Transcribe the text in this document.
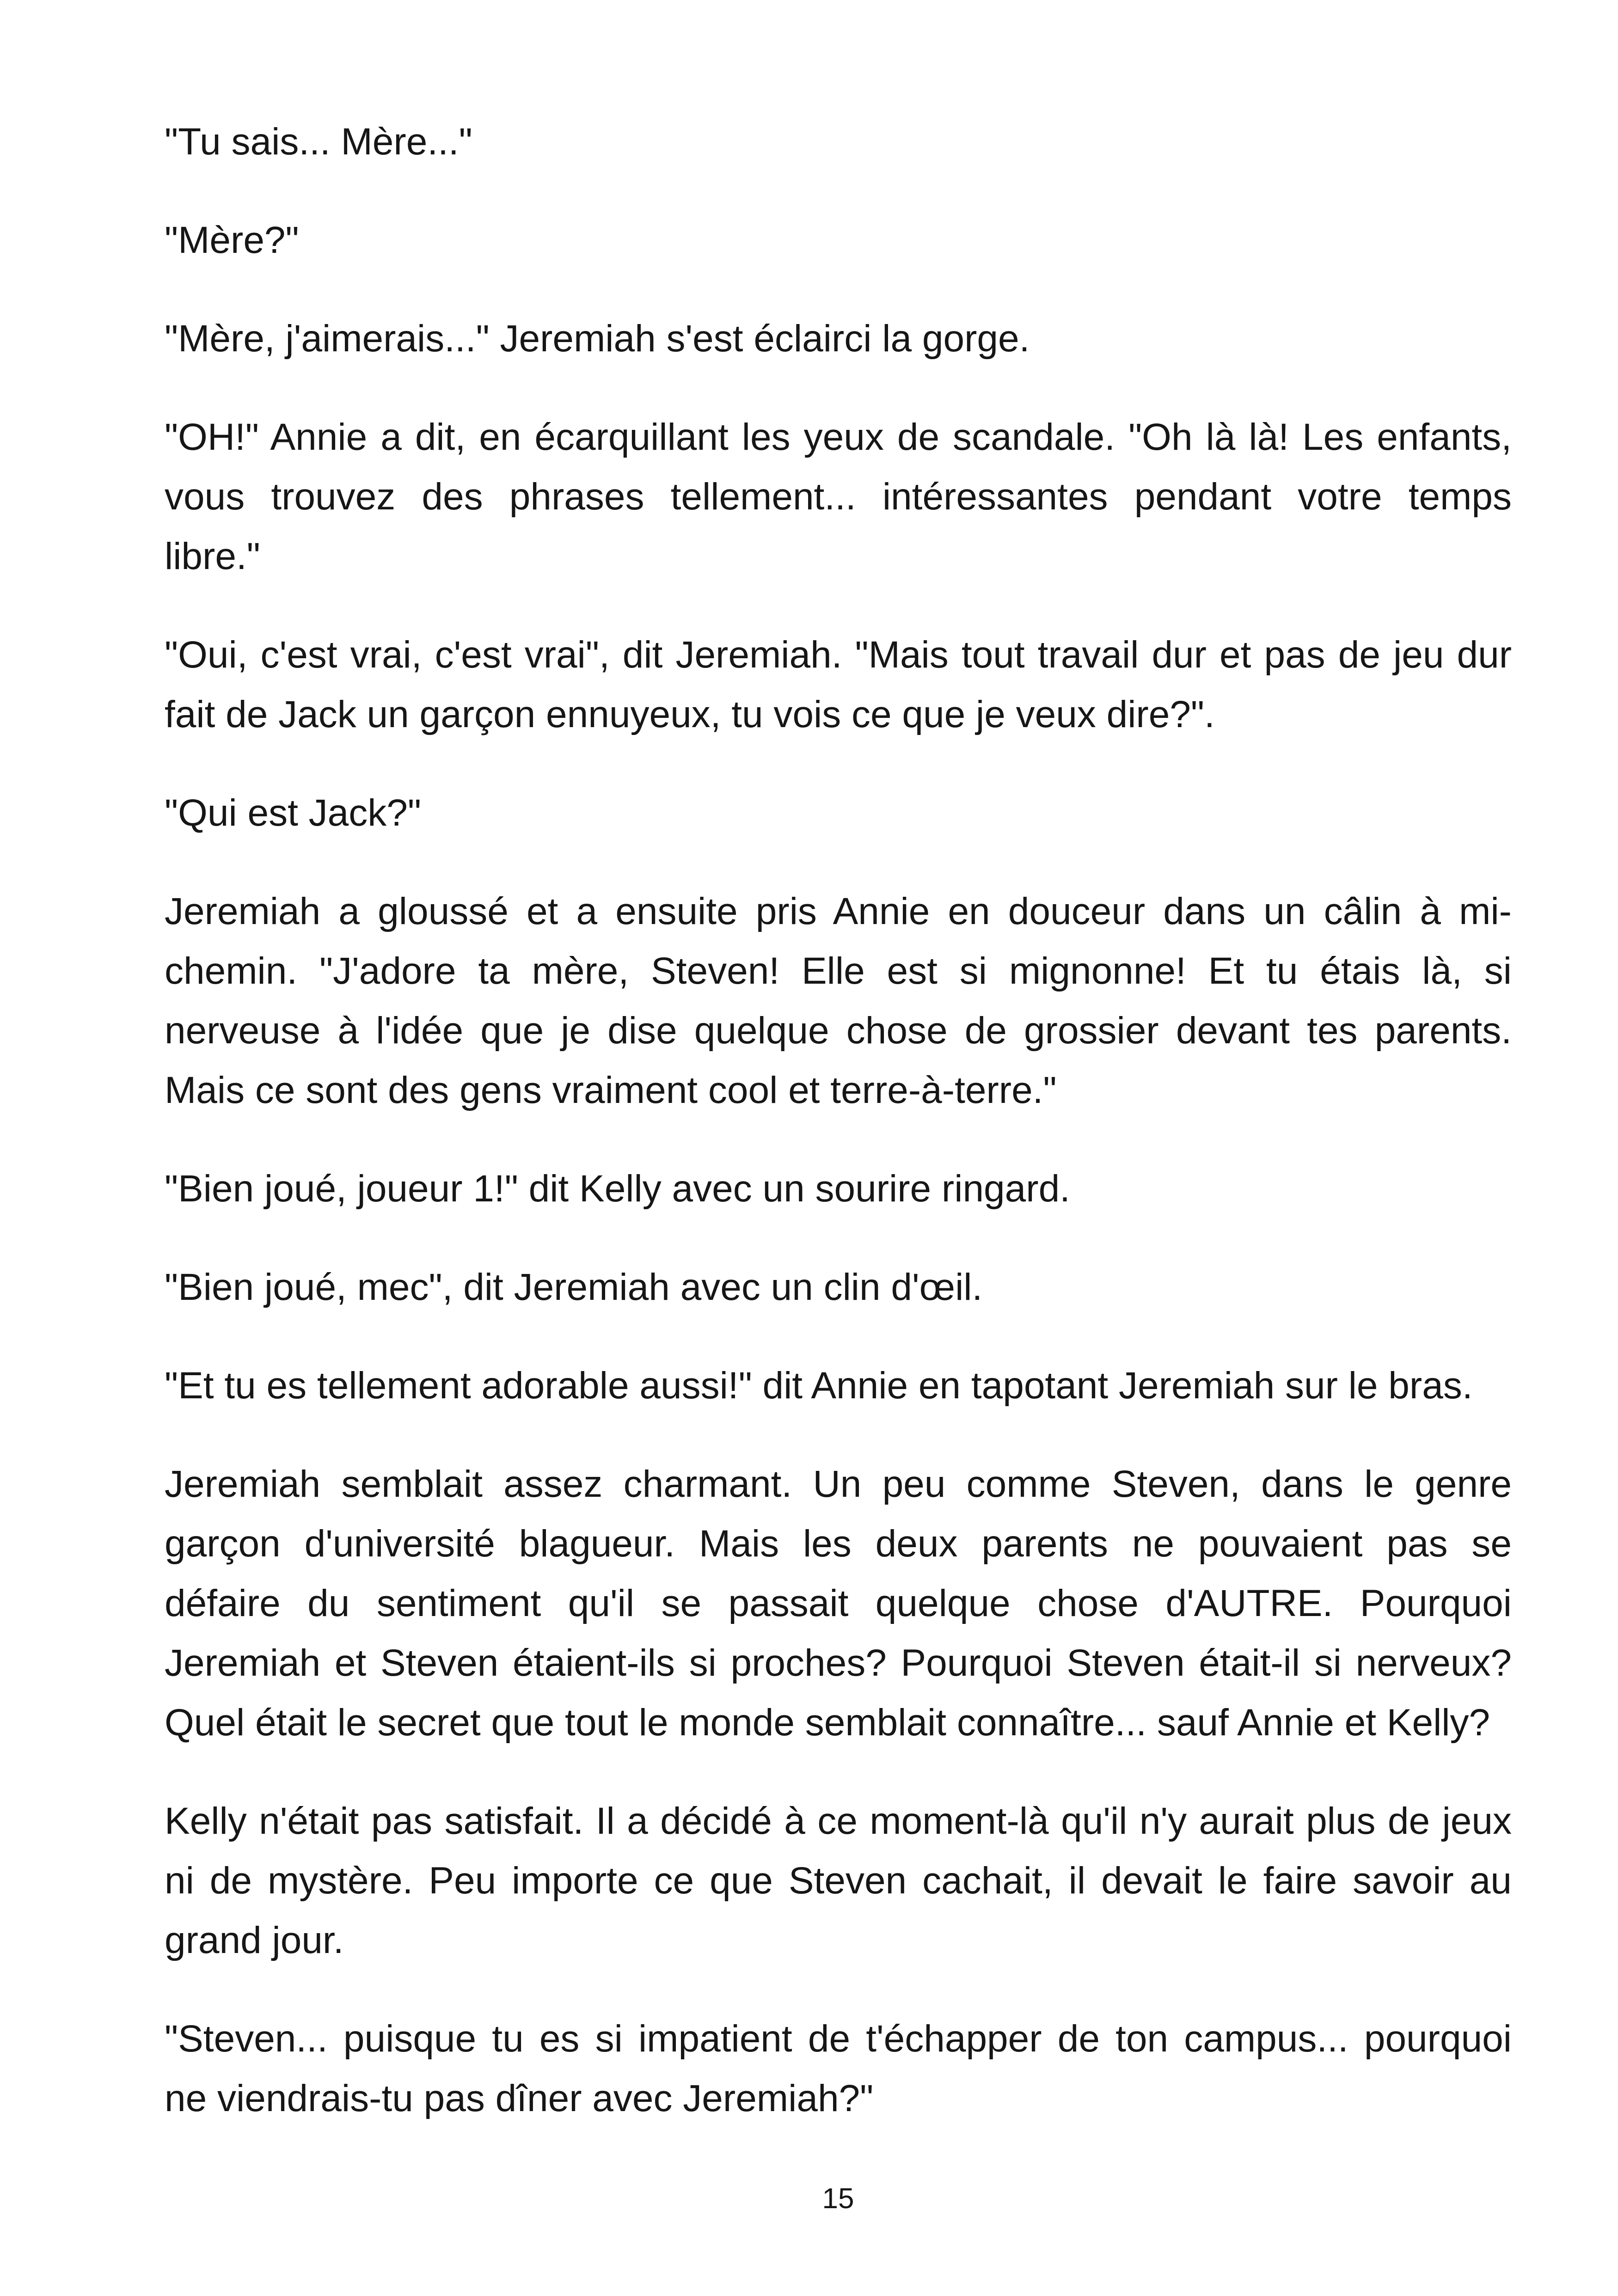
"Tu sais... Mère..."
"Mère?"
"Mère, j'aimerais..." Jeremiah s'est éclairci la gorge.
"OH!" Annie a dit, en écarquillant les yeux de scandale. "Oh là là! Les enfants,
vous trouvez des phrases tellement... intéressantes pendant votre temps
libre."
"Oui, c'est vrai, c'est vrai", dit Jeremiah. "Mais tout travail dur et pas de jeu dur
fait de Jack un garçon ennuyeux, tu vois ce que je veux dire?".
"Qui est Jack?"
Jeremiah a gloussé et a ensuite pris Annie en douceur dans un câlin à mi-
chemin. "J'adore ta mère, Steven! Elle est si mignonne! Et tu étais là, si
nerveuse à l'idée que je dise quelque chose de grossier devant tes parents.
Mais ce sont des gens vraiment cool et terre-à-terre."
"Bien joué, joueur 1!" dit Kelly avec un sourire ringard.
"Bien joué, mec", dit Jeremiah avec un clin d'œil.
"Et tu es tellement adorable aussi!" dit Annie en tapotant Jeremiah sur le bras.
Jeremiah semblait assez charmant. Un peu comme Steven, dans le genre
garçon d'université blagueur. Mais les deux parents ne pouvaient pas se
défaire du sentiment qu'il se passait quelque chose d'AUTRE. Pourquoi
Jeremiah et Steven étaient-ils si proches? Pourquoi Steven était-il si nerveux?
Quel était le secret que tout le monde semblait connaître... sauf Annie et Kelly?
Kelly n'était pas satisfait. Il a décidé à ce moment-là qu'il n'y aurait plus de jeux
ni de mystère. Peu importe ce que Steven cachait, il devait le faire savoir au
grand jour.
"Steven... puisque tu es si impatient de t'échapper de ton campus... pourquoi
ne viendrais-tu pas dîner avec Jeremiah?"
15
